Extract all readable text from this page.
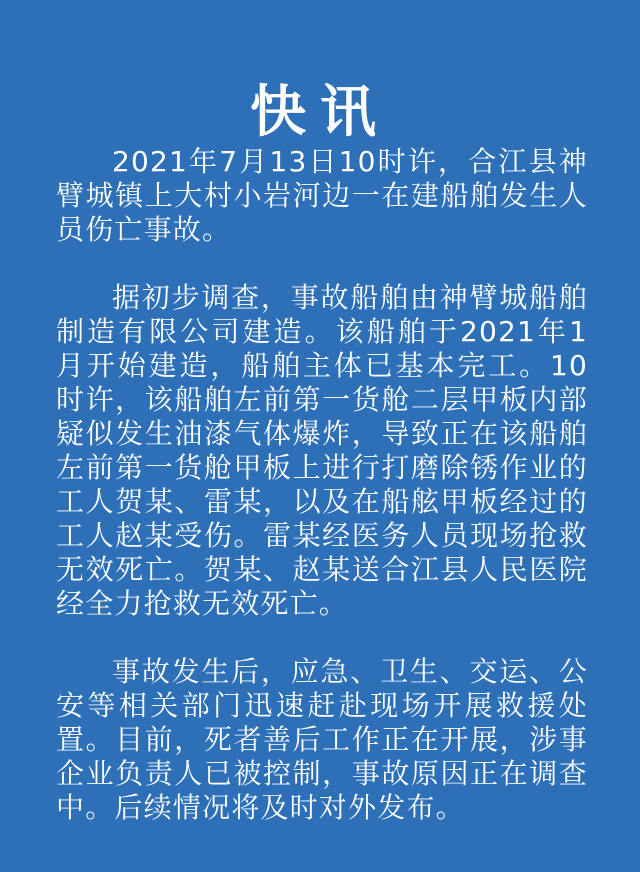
快讯

2021年7月13日10时许，合江县神臂城镇上大村小岩河边一在建船舶发生人员伤亡事故。

据初步调查，事故船舶由神臂城船舶制造有限公司建造。该船舶于2021年1月开始建造，船舶主体已基本完工。10时许，该船舶左前第一货舱二层甲板内部疑似发生油漆气体爆炸，导致正在该船舶左前第一货舱甲板上进行打磨除锈作业的工人贺某、雷某，以及在船舷甲板经过的工人赵某受伤。雷某经医务人员现场抢救无效死亡。贺某、赵某送合江县人民医院经全力抢救无效死亡。

事故发生后，应急、卫生、交运、公安等相关部门迅速赶赴现场开展救援处置。目前，死者善后工作正在开展，涉事企业负责人已被控制，事故原因正在调查中。后续情况将及时对外发布。
